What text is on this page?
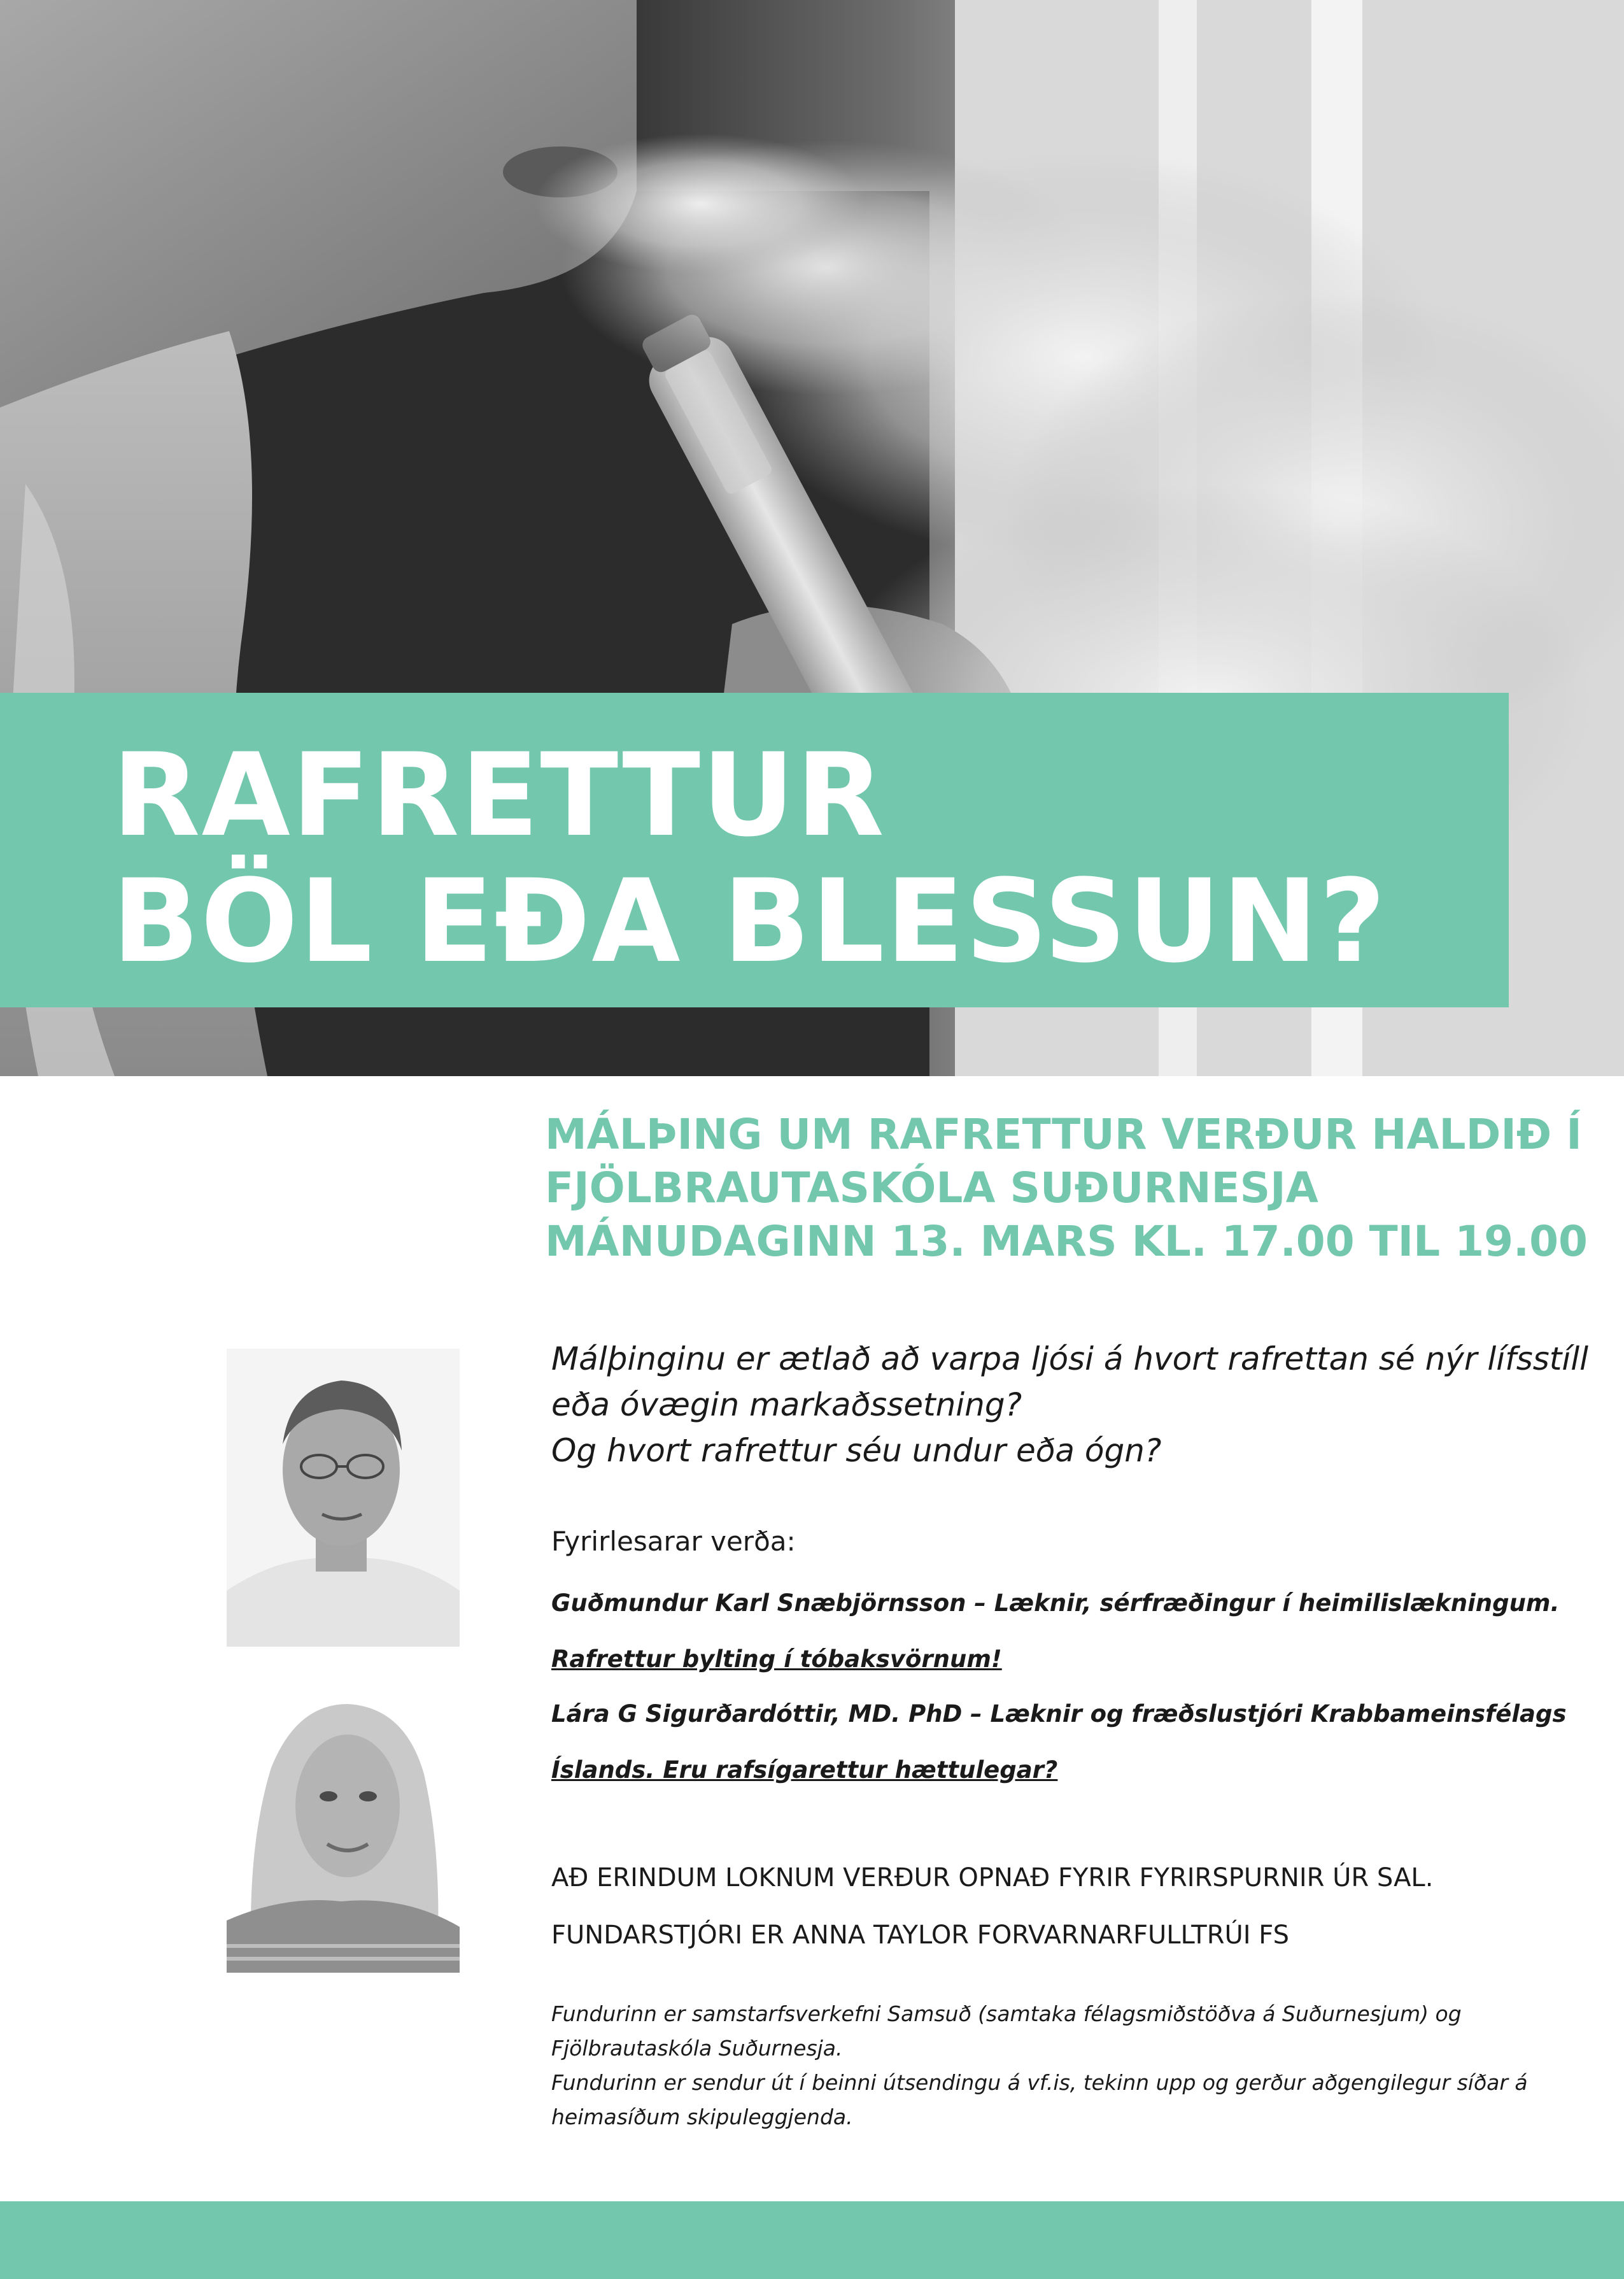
RAFRETTUR
BÖL EÐA BLESSUN?
MÁLÞING UM RAFRETTUR VERÐUR HALDIÐ Í
FJÖLBRAUTASKÓLA SUÐURNESJA
MÁNUDAGINN 13. MARS KL. 17.00 TIL 19.00
Málþinginu er ætlað að varpa ljósi á hvort rafrettan sé nýr lífsstíll
eða óvægin markaðssetning?
Og hvort rafrettur séu undur eða ógn?
Fyrirlesarar verða:
Guðmundur Karl Snæbjörnsson – Læknir, sérfræðingur í heimilislækningum.
Rafrettur bylting í tóbaksvörnum!
Lára G Sigurðardóttir, MD. PhD – Læknir og fræðslustjóri Krabbameinsfélags
Íslands. Eru rafsígarettur hættulegar?
AÐ ERINDUM LOKNUM VERÐUR OPNAÐ FYRIR FYRIRSPURNIR ÚR SAL.
FUNDARSTJÓRI ER ANNA TAYLOR FORVARNARFULLTRÚI FS
Fundurinn er samstarfsverkefni Samsuð (samtaka félagsmiðstöðva á Suðurnesjum) og
Fjölbrautaskóla Suðurnesja.
Fundurinn er sendur út í beinni útsendingu á vf.is, tekinn upp og gerður aðgengilegur síðar á
heimasíðum skipuleggjenda.
